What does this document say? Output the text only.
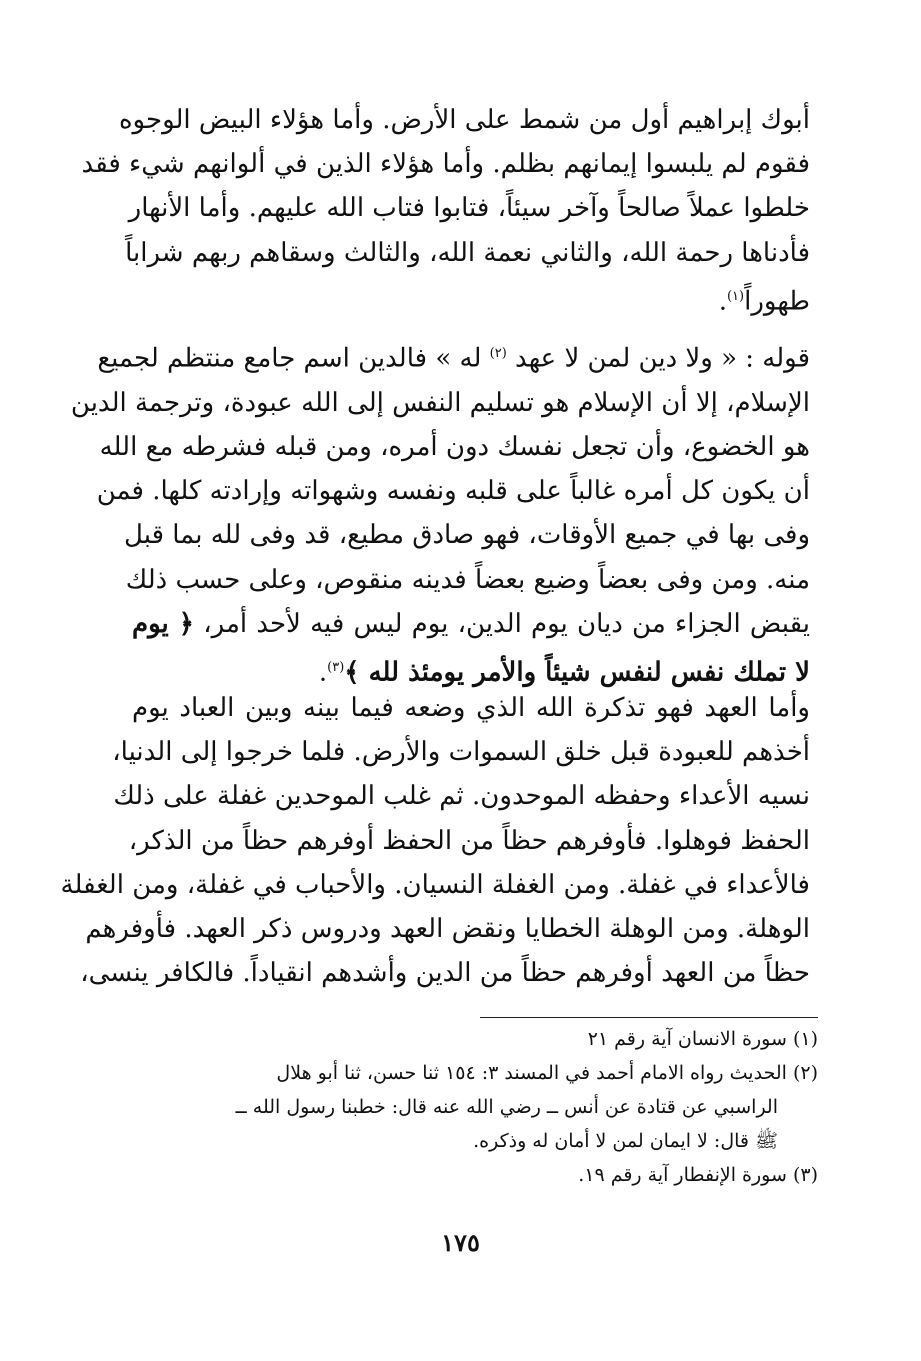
أبوك إبراهيم أول من شمط على الأرض. وأما هؤلاء البيض الوجوه
فقوم لم يلبسوا إيمانهم بظلم. وأما هؤلاء الذين في ألوانهم شيء فقد
خلطوا عملاً صالحاً وآخر سيئاً، فتابوا فتاب الله عليهم. وأما الأنهار
فأدناها رحمة الله، والثاني نعمة الله، والثالث وسقاهم ربهم شراباً
طهوراً$^{(١)}$.

قوله : « ولا دين لمن لا عهد $^{(٢)}$ له » فالدين اسم جامع منتظم لجميع
الإسلام، إلا أن الإسلام هو تسليم النفس إلى الله عبودة، وترجمة الدين
هو الخضوع، وأن تجعل نفسك دون أمره، ومن قبله فشرطه مع الله
أن يكون كل أمره غالباً على قلبه ونفسه وشهواته وإرادته كلها. فمن
وفى بها في جميع الأوقات، فهو صادق مطيع، قد وفى لله بما قبل
منه. ومن وفى بعضاً وضيع بعضاً فدينه منقوص، وعلى حسب ذلك
يقبض الجزاء من ديان يوم الدين، يوم ليس فيه لأحد أمر، ﴿ يوم
لا تملك نفس لنفس شيئاً والأمر يومئذ لله ﴾$^{(٣)}$.

وأما العهد فهو تذكرة الله الذي وضعه فيما بينه وبين العباد يوم
أخذهم للعبودة قبل خلق السموات والأرض. فلما خرجوا إلى الدنيا،
نسيه الأعداء وحفظه الموحدون. ثم غلب الموحدين غفلة على ذلك
الحفظ فوهلوا. فأوفرهم حظاً من الحفظ أوفرهم حظاً من الذكر،
فالأعداء في غفلة. ومن الغفلة النسيان. والأحباب في غفلة، ومن الغفلة
الوهلة. ومن الوهلة الخطايا ونقض العهد ودروس ذكر العهد. فأوفرهم
حظاً من العهد أوفرهم حظاً من الدين وأشدهم انقياداً. فالكافر ينسى،

(١) سورة الانسان آية رقم ٢١
(٢) الحديث رواه الامام أحمد في المسند ٣: ١٥٤ ثنا حسن، ثنا أبو هلال
الراسبي عن قتادة عن أنس ــ رضي الله عنه قال: خطبنا رسول الله ــ
ﷺ قال: لا ايمان لمن لا أمان له وذكره.
(٣) سورة الإنفطار آية رقم ١٩.
١٧٥
